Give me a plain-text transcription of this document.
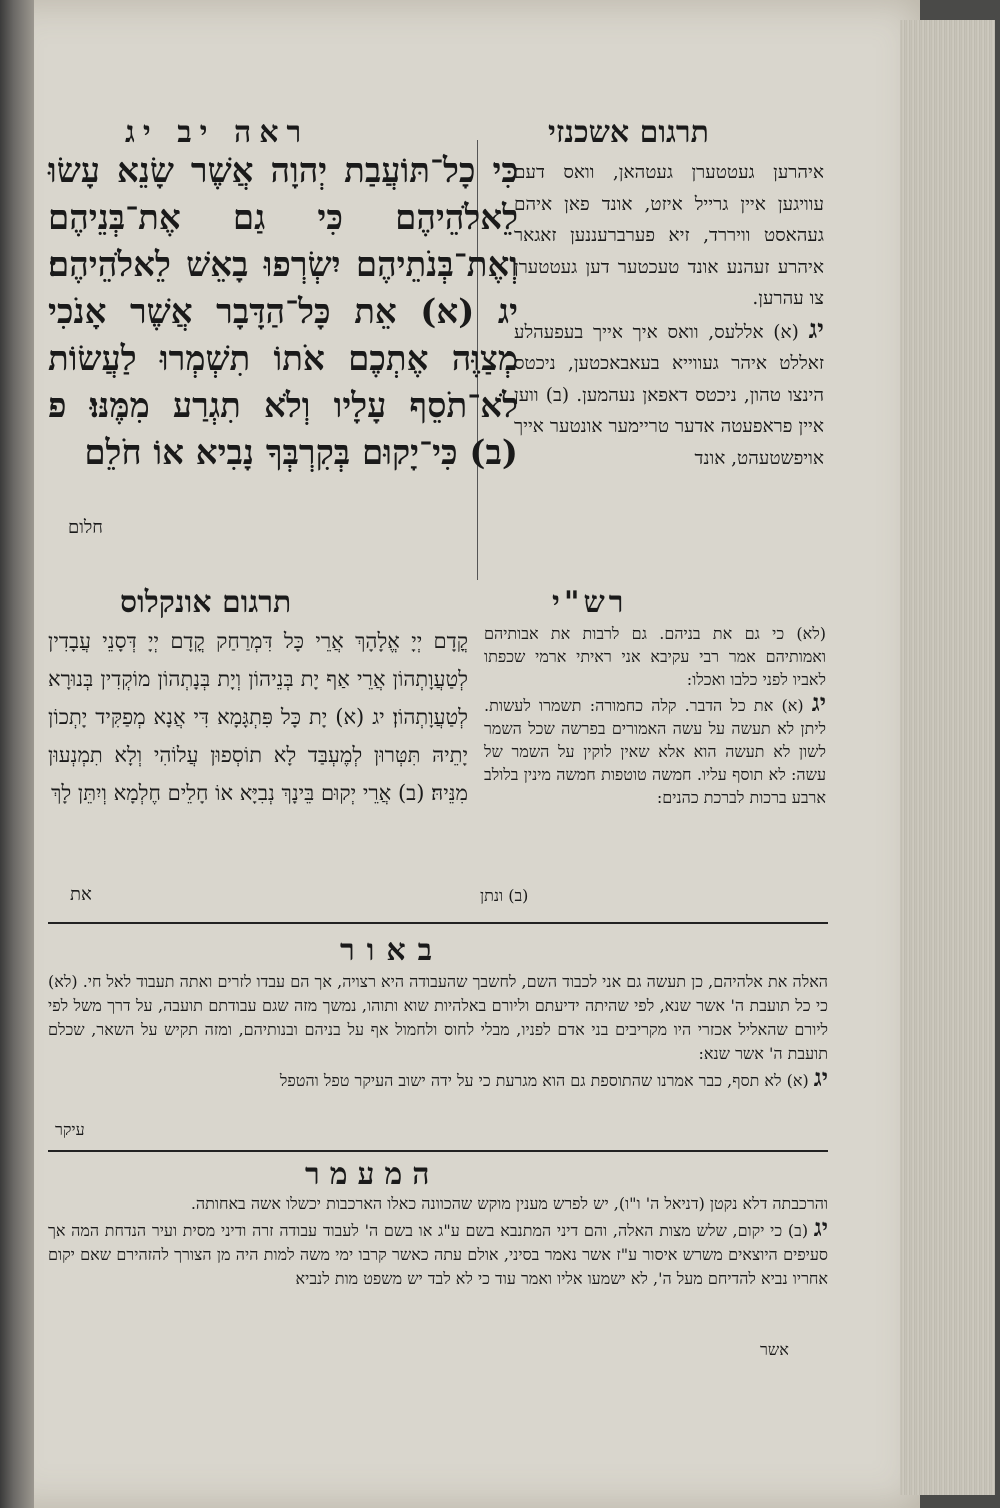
ראה יב יג	תרגום אשכנזי
כִּי כָל־תּוֹעֲבַת יְהוָה אֲשֶׁר שָׂנֵא עָשׂוּ לֵאלֹהֵיהֶם כִּי גַם אֶת־בְּנֵיהֶם וְאֶת־בְּנֹתֵיהֶם יִשְׂרְפוּ בָאֵשׁ לֵאלֹהֵיהֶם׃ יג (א) אֵת כָּל־הַדָּבָר אֲשֶׁר אָנֹכִי מְצַוֶּה אֶתְכֶם אֹתוֹ תִשְׁמְרוּ לַעֲשׂוֹת לֹא־תֹסֵף עָלָיו וְלֹא תִגְרַע מִמֶּנּוּ׃ פ (ב) כִּי־יָקוּם בְּקִרְבְּךָ נָבִיא אוֹ חֹלֵם
חלום
איהרען געטטערן געטהאן, וואס דעם עוויגען איין גרייל איזט, אונד פאן איהם געהאסט וויררד, זיא פערברעננען זאגאר איהרע זעהנע אונד טעכטער דען געטטערן צו עהרען.
יג (א) אללעס, וואס איך אייך בעפעהלע זאללט איהר געווייא בעאבאכטען, ניכטס הינצו טהון, ניכטס דאפאן נעהמען. (ב) ווען איין פראפעטה אדער טריימער אונטער אייך אויפשטעהט, אונד
תרגום אונקלוס
קֳדָם יְיָ אֱלָהָךְ אֲרֵי כָּל דִּמְרַחַק קֳדָם יְיָ דְּסָנֵי עֲבָדִין לְטַעֲוָתְהוֹן אֲרֵי אַף יָת בְּנֵיהוֹן וְיָת בְּנָתְהוֹן מוֹקְדִין בְּנוּרָא לְטַעֲוָתְהוֹן׃ יג (א) יָת כָּל פִּתְגָּמָא דִּי אֲנָא מְפַקִּיד יָתְכוֹן יָתֵיהּ תִּטְּרוּן לְמֶעְבַּד לָא תוֹסְפוּן עֲלוֹהִי וְלָא תִמְנְעוּן מִנֵּיהּ׃ (ב) אֲרֵי יְקוּם בֵּינָךְ נְבִיָּא אוֹ חָלֵים חֶלְמָא וְיִתֵּן לָךְ
את
רש"י
(לא) כי גם את בניהם. גם לרבות את אבותיהם ואמותיהם אמר רבי עקיבא אני ראיתי ארמי שכפתו לאביו לפני כלבו ואכלו:
יג (א) את כל הדבר. קלה כחמורה: תשמרו לעשות. ליתן לא תעשה על עשה האמורים בפרשה שכל השמר לשון לא תעשה הוא אלא שאין לוקין על השמר של עשה: לא תוסף עליו. חמשה טוטפות חמשה מינין בלולב ארבע ברכות לברכת כהנים:
(ב) ונתן
באור
האלה את אלהיהם, כן תעשה גם אני לכבוד השם, לחשבך שהעבודה היא רצויה, אך הם עבדו לזרים ואתה תעבוד לאל חי. (לא) כי כל תועבת ה' אשר שנא, לפי שהיתה ידיעתם וליורם באלהיות שוא ותוהו, נמשך מזה שגם עבודתם תועבה, על דרך משל לפי ליורם שהאליל אכזרי היו מקריבים בני אדם לפניו, מבלי לחוס ולחמול אף על בניהם ובנותיהם, ומזה תקיש על השאר, שכלם תועבת ה' אשר שנא:
יג (א) לא תסף, כבר אמרנו שהתוספת גם הוא מגרעת כי על ידה ישוב העיקר טפל והטפל
עיקר
המעמר
והרכבתה דלא נקטן (דניאל ה' ו"ו), יש לפרש מענין מוקש שהכוונה כאלו הארכבות יכשלו אשה באחותה.
יג (ב) כי יקום, שלש מצות האלה, והם דיני המתנבא בשם ע"ג או בשם ה' לעבוד עבודה זרה ודיני מסית ועיר הנדחת המה אך סעיפים היוצאים משרש איסור ע"ז אשר נאמר בסיני, אולם עתה כאשר קרבו ימי משה למות היה מן הצורך להזהירם שאם יקום אחריו נביא להדיחם מעל ה', לא ישמעו אליו ואמר עוד כי לא לבד יש משפט מות לנביא
אשר
